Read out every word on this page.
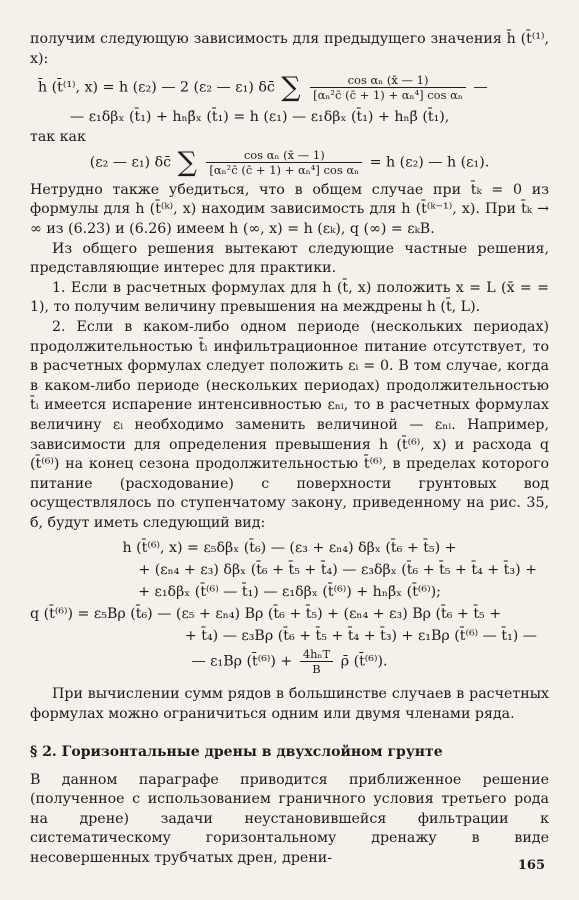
получим следующую зависимость для предыдущего значения h̄ (t̄⁽¹⁾, x):

h̄ (t̄⁽¹⁾, x) = h (ε₂) — 2 (ε₂ — ε₁) δc̄ ∑ $\frac{\text{cos αₙ (x̄ — 1)}}{\text{[αₙ²c̄ (c̄ + 1) + αₙ⁴] cos αₙ}}$ —

— ε₁δβₓ (t̄₁) + hₙβ̄ₓ (t̄₁) = h (ε₁) — ε₁δβₓ (t̄₁) + hₙβ̄ (t̄₁),

так как

(ε₂ — ε₁) δc̄ ∑ $\frac{\text{cos αₙ (x̄ — 1)}}{\text{[αₙ²c̄ (c̄ + 1) + αₙ⁴] cos αₙ}} = h$ (ε₂) — h (ε₁).

Нетрудно также убедиться, что в общем случае при t̄ₖ = 0 из формулы для h (t̄⁽ᵏ⁾, x) находим зависимость для h (t̄⁽ᵏ⁻¹⁾, x). При t̄ₖ → ∞ из (6.23) и (6.26) имеем h (∞, x) = h (εₖ), q (∞) = εₖB.

Из общего решения вытекают следующие частные решения, представляющие интерес для практики.

1. Если в расчетных формулах для h (t̄, x) положить x = L (x̄ = = 1), то получим величину превышения на междрены h (t̄, L).

2. Если в каком-либо одном периоде (нескольких периодах) продолжительностью t̄ᵢ инфильтрационное питание отсутствует, то в расчетных формулах следует положить εᵢ = 0. В том случае, когда в каком-либо периоде (нескольких периодах) продолжительностью t̄ᵢ имеется испарение интенсивностью εₙᵢ, то в расчетных формулах величину εᵢ необходимо заменить величиной — εₙᵢ. Например, зависимости для определения превышения h (t̄⁽⁶⁾, x) и расхода q (t̄⁽⁶⁾) на конец сезона продолжительностью t̄⁽⁶⁾, в пределах которого питание (расходование) с поверхности грунтовых вод осуществлялось по ступенчатому закону, приведенному на рис. 35, б, будут иметь следующий вид:

h (t̄⁽⁶⁾, x) = ε₅δβₓ (t̄₆) — (ε₃ + εₙ₄) δβₓ (t̄₆ + t̄₅) +

+ (εₙ₄ + ε₃) δβₓ (t̄₆ + t̄₅ + t̄₄) — ε₃δβₓ (t̄₆ + t̄₅ + t̄₄ + t̄₃) +

+ ε₁δβₓ (t̄⁽⁶⁾ — t̄₁) — ε₁δβₓ (t̄⁽⁶⁾) + hₙβ̄ₓ (t̄⁽⁶⁾);

q (t̄⁽⁶⁾) = ε₅Bρ (t̄₆) — (ε₅ + εₙ₄) Bρ (t̄₆ + t̄₅) + (εₙ₄ + ε₃) Bρ (t̄₆ + t̄₅ +

+ t̄₄) — ε₃Bρ (t̄₆ + t̄₅ + t̄₄ + t̄₃) + ε₁Bρ (t̄⁽⁶⁾ — t̄₁) —

— ε₁Bρ (t̄⁽⁶⁾) + $\frac{\text{4hₙT}}{B}$ ρ̄ (t̄⁽⁶⁾).

При вычислении сумм рядов в большинстве случаев в расчетных формулах можно ограничиться одним или двумя членами ряда.

§ 2. Горизонтальные дрены в двухслойном грунте

В данном параграфе приводится приближенное решение (полученное с использованием граничного условия третьего рода на дрене) задачи неустановившейся фильтрации к систематическому горизонтальному дренажу в виде несовершенных трубчатых дрен, дрени-	165
